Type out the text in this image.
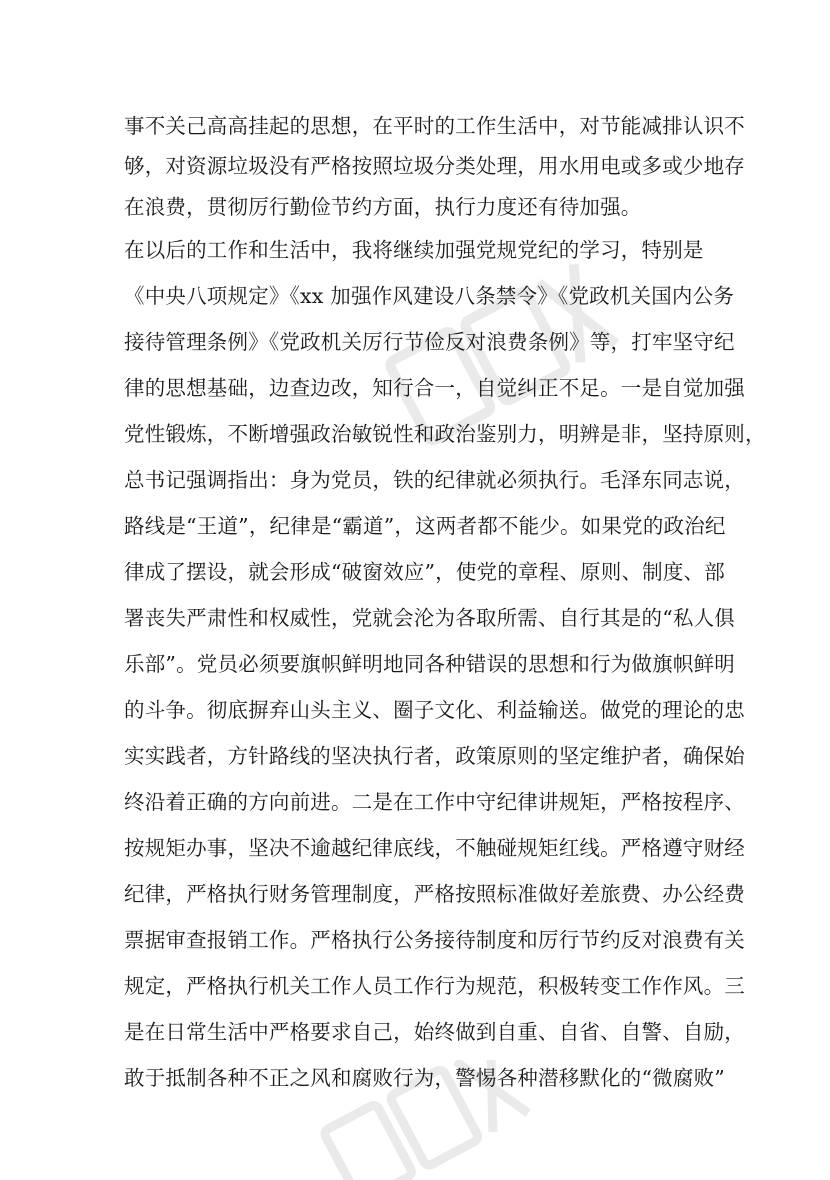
事不关己高高挂起的思想，在平时的工作生活中，对节能减排认识不
够，对资源垃圾没有严格按照垃圾分类处理，用水用电或多或少地存
在浪费，贯彻厉行勤俭节约方面，执行力度还有待加强。
在以后的工作和生活中，我将继续加强党规党纪的学习，特别是
《中央八项规定》《xx 加强作风建设八条禁令》《党政机关国内公务
接待管理条例》《党政机关厉行节俭反对浪费条例》等，打牢坚守纪
律的思想基础，边查边改，知行合一，自觉纠正不足。一是自觉加强
党性锻炼，不断增强政治敏锐性和政治鉴别力，明辨是非，坚持原则，
总书记强调指出：身为党员，铁的纪律就必须执行。毛泽东同志说，
路线是“王道”，纪律是“霸道”，这两者都不能少。如果党的政治纪
律成了摆设，就会形成“破窗效应”，使党的章程、原则、制度、部
署丧失严肃性和权威性，党就会沦为各取所需、自行其是的“私人俱
乐部”。党员必须要旗帜鲜明地同各种错误的思想和行为做旗帜鲜明
的斗争。彻底摒弃山头主义、圈子文化、利益输送。做党的理论的忠
实实践者，方针路线的坚决执行者，政策原则的坚定维护者，确保始
终沿着正确的方向前进。二是在工作中守纪律讲规矩，严格按程序、
按规矩办事，坚决不逾越纪律底线，不触碰规矩红线。严格遵守财经
纪律，严格执行财务管理制度，严格按照标准做好差旅费、办公经费
票据审查报销工作。严格执行公务接待制度和厉行节约反对浪费有关
规定，严格执行机关工作人员工作行为规范，积极转变工作作风。三
是在日常生活中严格要求自己，始终做到自重、自省、自警、自励，
敢于抵制各种不正之风和腐败行为，警惕各种潜移默化的“微腐败”
